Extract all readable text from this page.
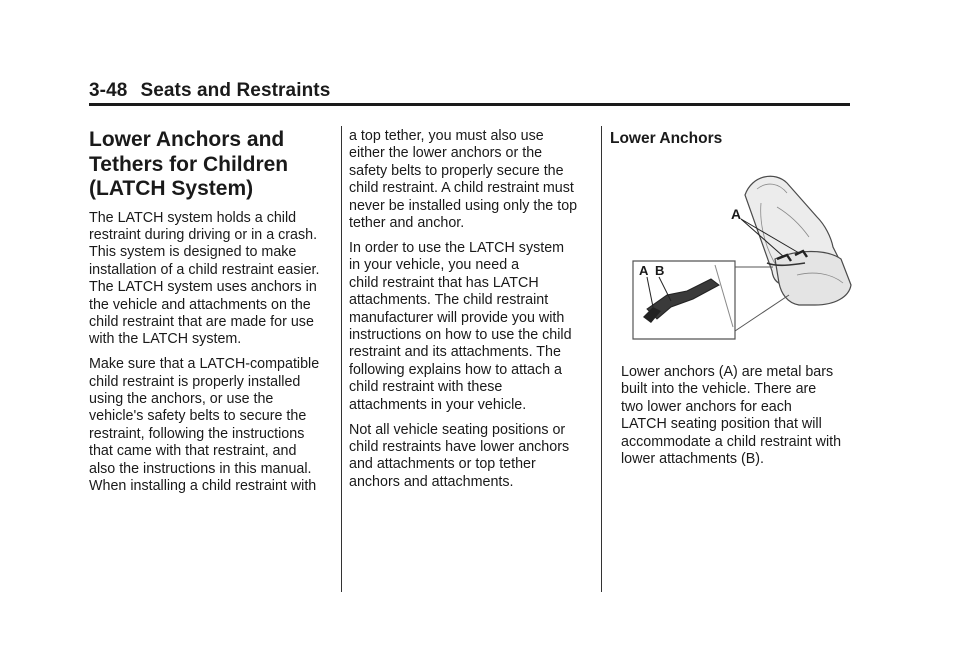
3-48 Seats and Restraints
Lower Anchors and
Tethers for Children
(LATCH System)

The LATCH system holds a child
restraint during driving or in a crash.
This system is designed to make
installation of a child restraint easier.
The LATCH system uses anchors in
the vehicle and attachments on the
child restraint that are made for use
with the LATCH system.

Make sure that a LATCH-compatible
child restraint is properly installed
using the anchors, or use the
vehicle's safety belts to secure the
restraint, following the instructions
that came with that restraint, and
also the instructions in this manual.
When installing a child restraint with

a top tether, you must also use
either the lower anchors or the
safety belts to properly secure the
child restraint. A child restraint must
never be installed using only the top
tether and anchor.

In order to use the LATCH system
in your vehicle, you need a
child restraint that has LATCH
attachments. The child restraint
manufacturer will provide you with
instructions on how to use the child
restraint and its attachments. The
following explains how to attach a
child restraint with these
attachments in your vehicle.

Not all vehicle seating positions or
child restraints have lower anchors
and attachments or top tether
anchors and attachments.

Lower Anchors
A
A B

Lower anchors (A) are metal bars
built into the vehicle. There are
two lower anchors for each
LATCH seating position that will
accommodate a child restraint with
lower attachments (B).
